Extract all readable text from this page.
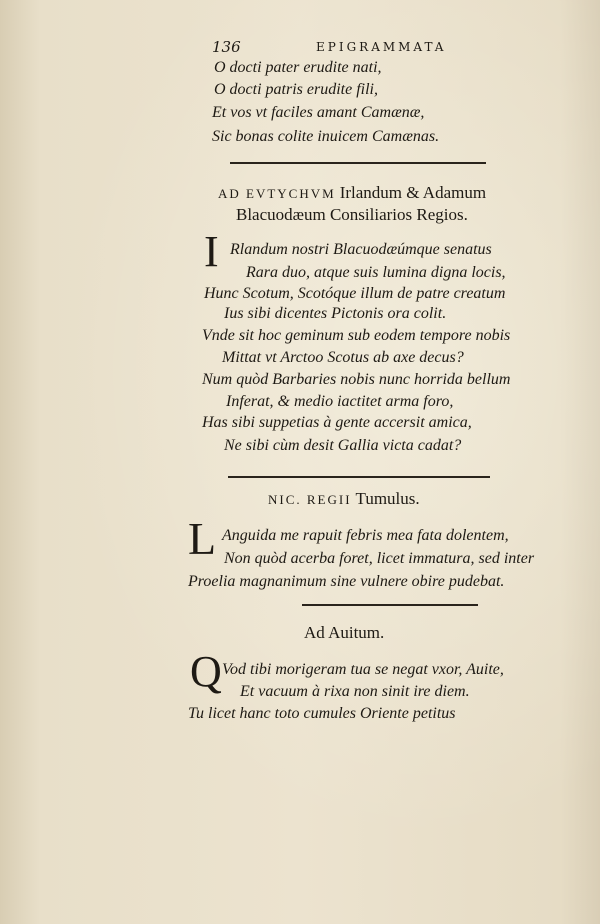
136	EPIGRAMMATA
O docti pater erudite nati,
O docti patris erudite fili,
Et vos vt faciles amant Camænæ,
Sic bonas colite inuicem Camænas.
AD EVTYCHVM Irlandum & Adamum
Blacuodæum Consiliarios Regios.
I Rlandum nostri Blacuodæúmque senatus
Rara duo, atque suis lumina digna locis,
Hunc Scotum, Scotóque illum de patre creatum
Ius sibi dicentes Pictonis ora colit.
Vnde sit hoc geminum sub eodem tempore nobis
Mittat vt Arctoo Scotus ab axe decus?
Num quòd Barbaries nobis nunc horrida bellum
Inferat, & medio iactitet arma foro,
Has sibi suppetias à gente accersit amica,
Ne sibi cùm desit Gallia victa cadat?
NIC. REGII Tumulus.
L Anguida me rapuit febris mea fata dolentem,
Non quòd acerba foret, licet immatura, sed inter
Proelia magnanimum sine vulnere obire pudebat.
Ad Auitum.
Q Vod tibi morigeram tua se negat vxor, Auite,
Et vacuum à rixa non sinit ire diem.
Tu licet hanc toto cumules Oriente petitus
